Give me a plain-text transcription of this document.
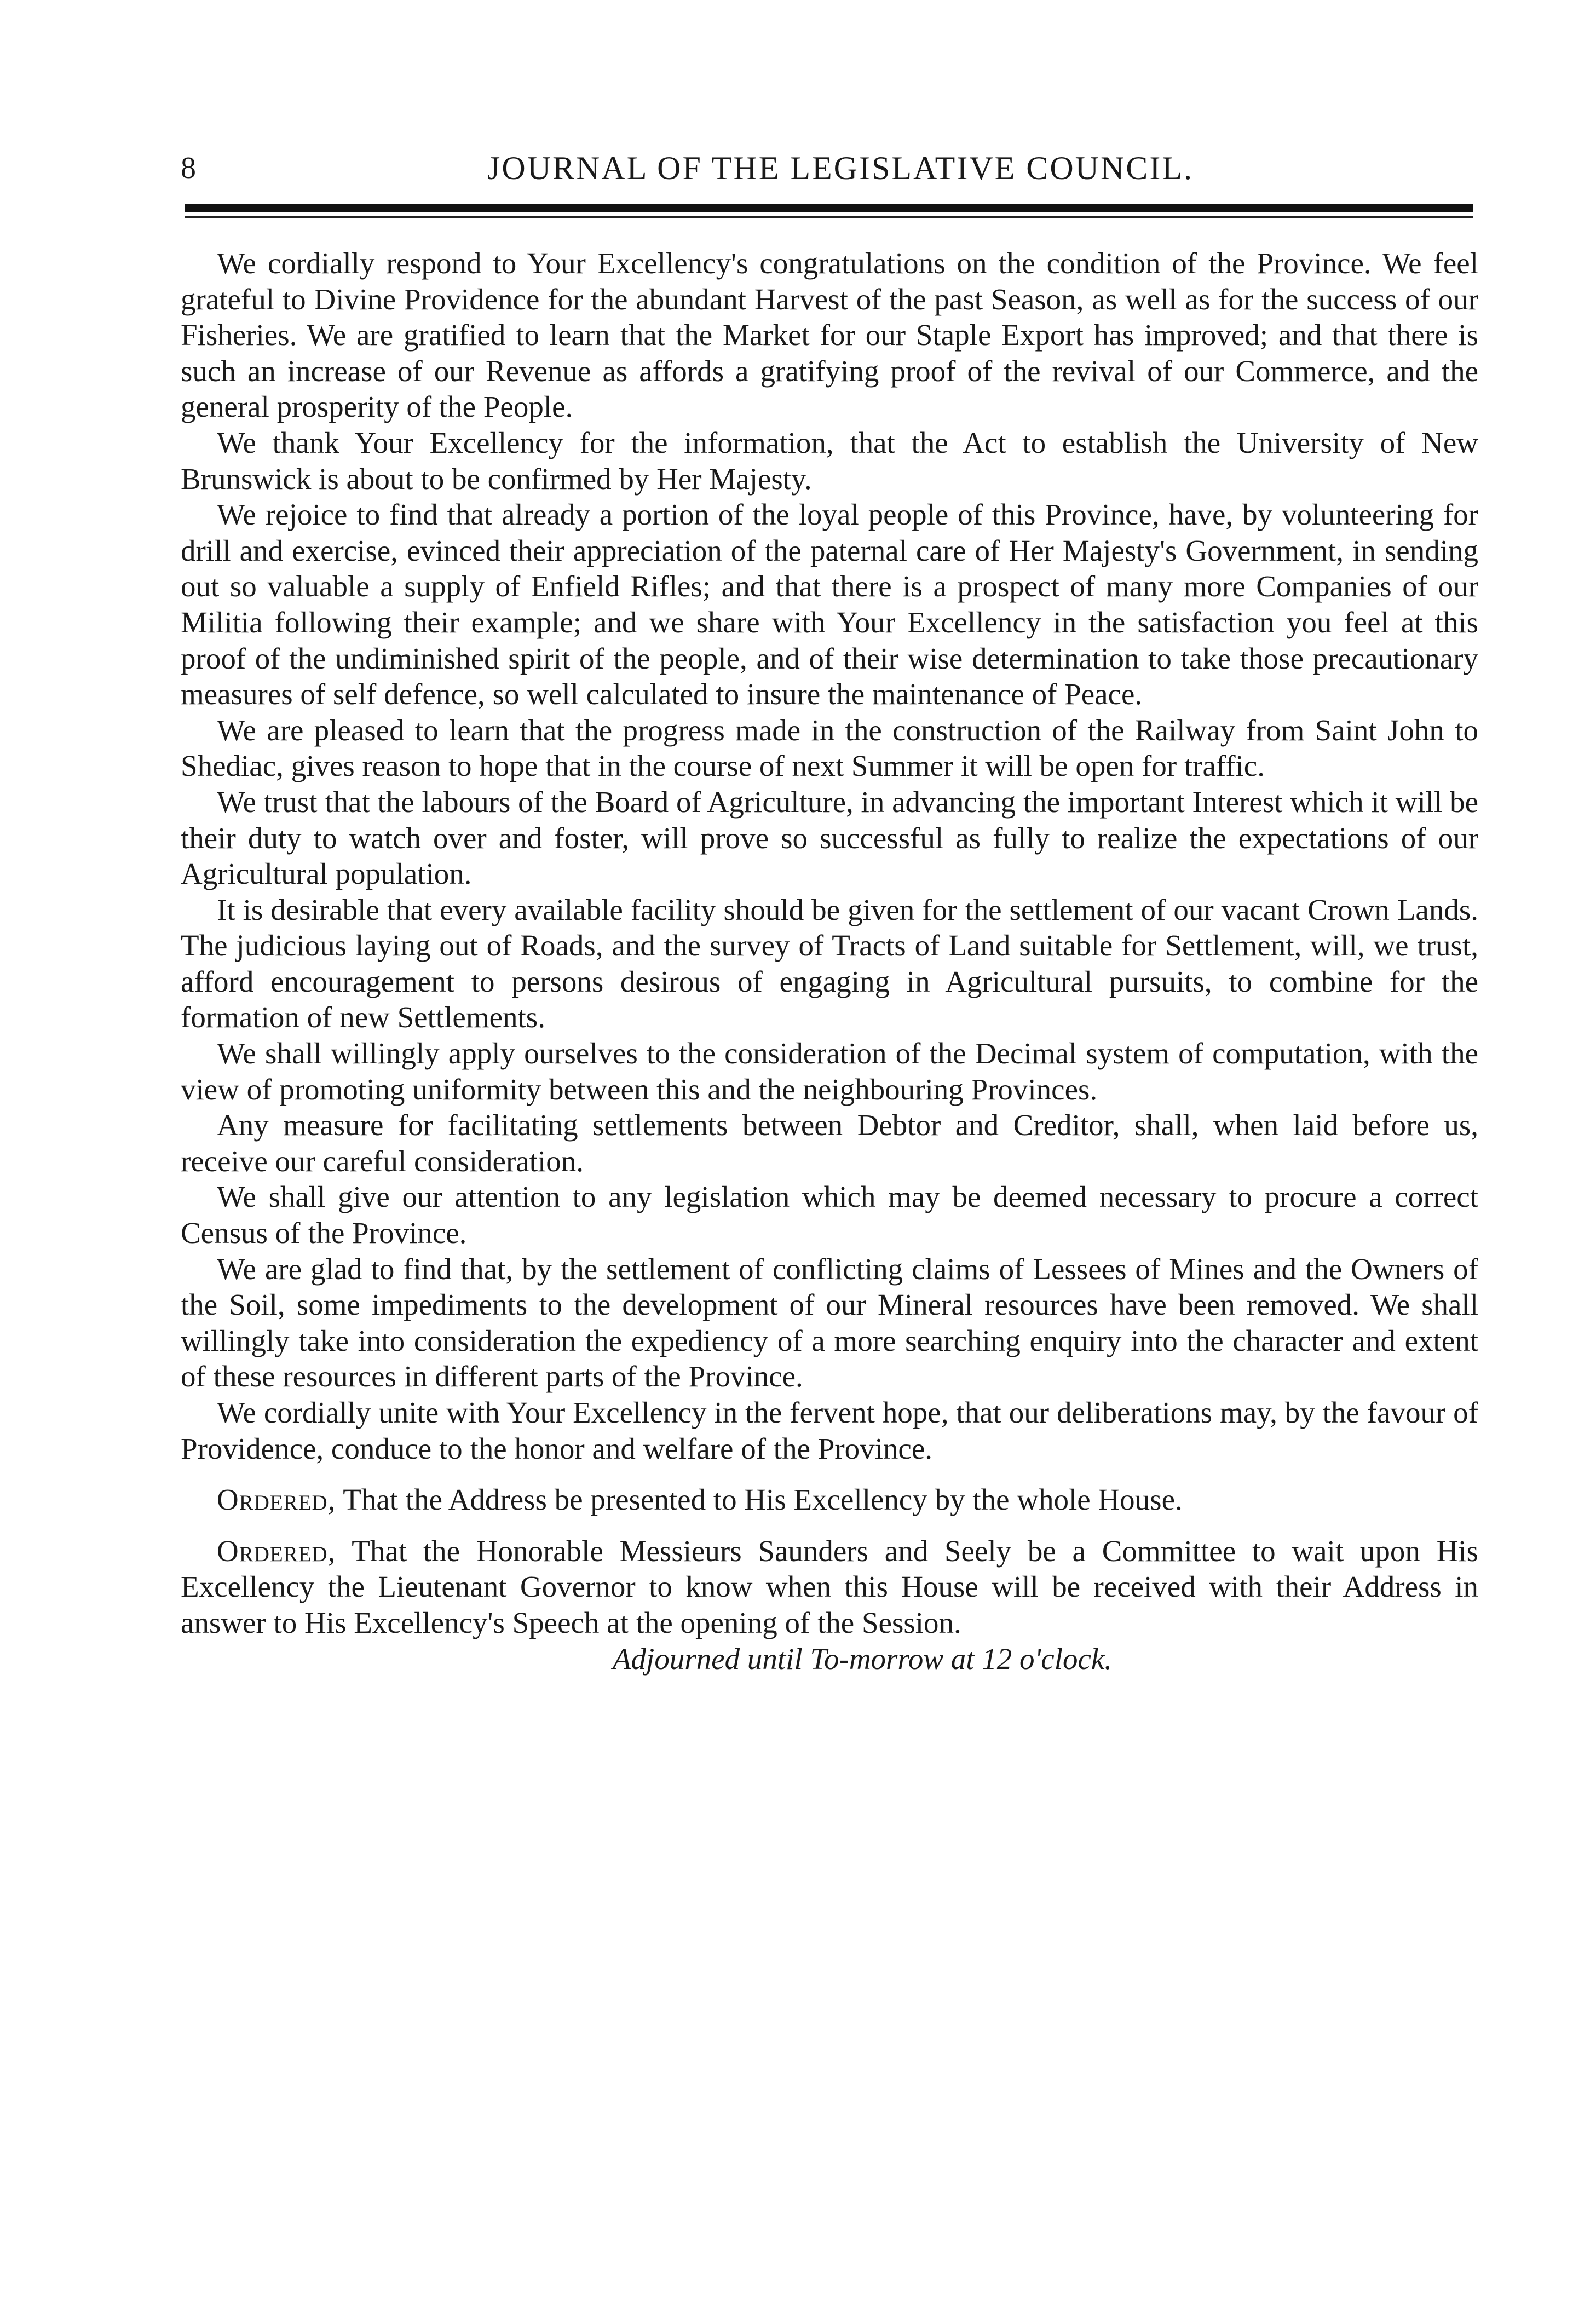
8	JOURNAL OF THE LEGISLATIVE COUNCIL.

We cordially respond to Your Excellency's congratulations on the condition of the Province. We feel grateful to Divine Providence for the abundant Harvest of the past Season, as well as for the success of our Fisheries. We are gratified to learn that the Market for our Staple Export has improved; and that there is such an increase of our Revenue as affords a gratifying proof of the revival of our Commerce, and the general prosperity of the People.

We thank Your Excellency for the information, that the Act to establish the University of New Brunswick is about to be confirmed by Her Majesty.

We rejoice to find that already a portion of the loyal people of this Province, have, by volunteering for drill and exercise, evinced their appreciation of the paternal care of Her Majesty's Government, in sending out so valuable a supply of Enfield Rifles; and that there is a prospect of many more Companies of our Militia following their example; and we share with Your Excellency in the satisfaction you feel at this proof of the undiminished spirit of the people, and of their wise determination to take those precautionary measures of self defence, so well calculated to insure the maintenance of Peace.

We are pleased to learn that the progress made in the construction of the Railway from Saint John to Shediac, gives reason to hope that in the course of next Summer it will be open for traffic.

We trust that the labours of the Board of Agriculture, in advancing the important Interest which it will be their duty to watch over and foster, will prove so successful as fully to realize the expectations of our Agricultural population.

It is desirable that every available facility should be given for the settlement of our vacant Crown Lands. The judicious laying out of Roads, and the survey of Tracts of Land suitable for Settlement, will, we trust, afford encouragement to persons desirous of engaging in Agricultural pursuits, to combine for the formation of new Settlements.

We shall willingly apply ourselves to the consideration of the Decimal system of computation, with the view of promoting uniformity between this and the neighbouring Provinces.

Any measure for facilitating settlements between Debtor and Creditor, shall, when laid before us, receive our careful consideration.

We shall give our attention to any legislation which may be deemed necessary to procure a correct Census of the Province.

We are glad to find that, by the settlement of conflicting claims of Lessees of Mines and the Owners of the Soil, some impediments to the development of our Mineral resources have been removed. We shall willingly take into consideration the expediency of a more searching enquiry into the character and extent of these resources in different parts of the Province.

We cordially unite with Your Excellency in the fervent hope, that our deliberations may, by the favour of Providence, conduce to the honor and welfare of the Province.

Ordered, That the Address be presented to His Excellency by the whole House.

Ordered, That the Honorable Messieurs Saunders and Seely be a Committee to wait upon His Excellency the Lieutenant Governor to know when this House will be received with their Address in answer to His Excellency's Speech at the opening of the Session.

Adjourned until To-morrow at 12 o'clock.
